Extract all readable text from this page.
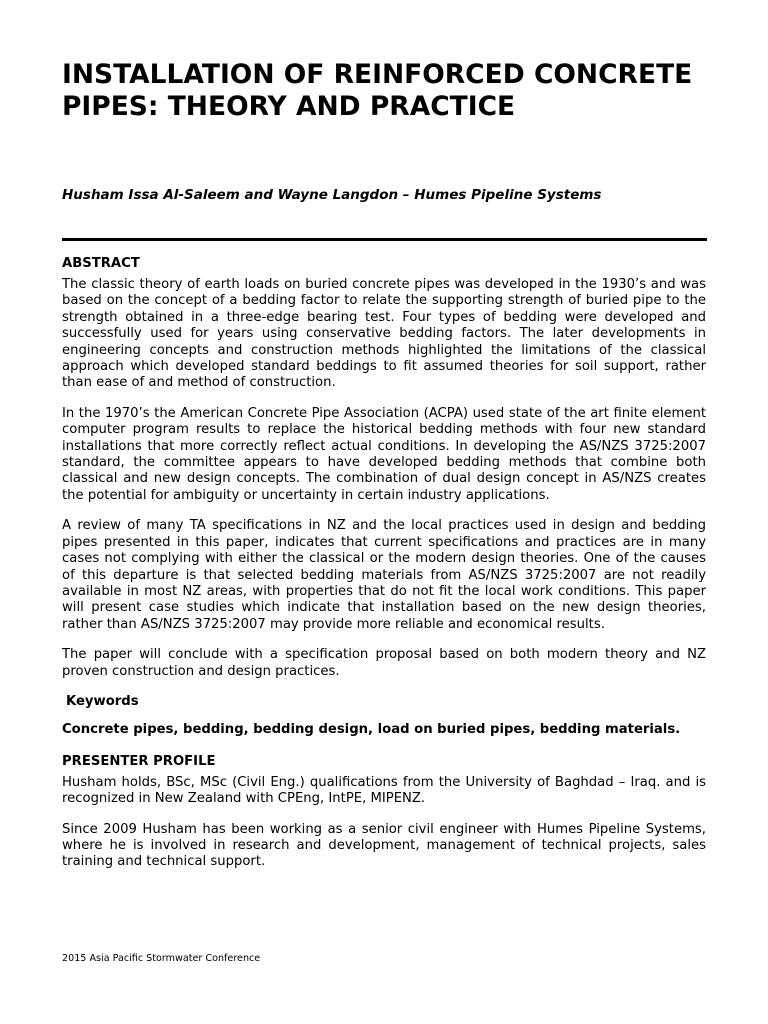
INSTALLATION OF REINFORCED CONCRETE PIPES: THEORY AND PRACTICE
Husham Issa Al-Saleem and Wayne Langdon – Humes Pipeline Systems
ABSTRACT

The classic theory of earth loads on buried concrete pipes was developed in the 1930’s and was based on the concept of a bedding factor to relate the supporting strength of buried pipe to the strength obtained in a three-edge bearing test. Four types of bedding were developed and successfully used for years using conservative bedding factors. The later developments in engineering concepts and construction methods highlighted the limitations of the classical approach which developed standard beddings to fit assumed theories for soil support, rather than ease of and method of construction.

In the 1970’s the American Concrete Pipe Association (ACPA) used state of the art finite element computer program results to replace the historical bedding methods with four new standard installations that more correctly reflect actual conditions. In developing the AS/NZS 3725:2007 standard, the committee appears to have developed bedding methods that combine both classical and new design concepts. The combination of dual design concept in AS/NZS creates the potential for ambiguity or uncertainty in certain industry applications.

A review of many TA specifications in NZ and the local practices used in design and bedding pipes presented in this paper, indicates that current specifications and practices are in many cases not complying with either the classical or the modern design theories. One of the causes of this departure is that selected bedding materials from AS/NZS 3725:2007 are not readily available in most NZ areas, with properties that do not fit the local work conditions. This paper will present case studies which indicate that installation based on the new design theories, rather than AS/NZS 3725:2007 may provide more reliable and economical results.

The paper will conclude with a specification proposal based on both modern theory and NZ proven construction and design practices.

Keywords

Concrete pipes, bedding, bedding design, load on buried pipes, bedding materials.

PRESENTER PROFILE

Husham holds, BSc, MSc (Civil Eng.) qualifications from the University of Baghdad – Iraq. and is recognized in New Zealand with CPEng, IntPE, MIPENZ.

Since 2009 Husham has been working as a senior civil engineer with Humes Pipeline Systems, where he is involved in research and development, management of technical projects, sales training and technical support.

2015 Asia Pacific Stormwater Conference
